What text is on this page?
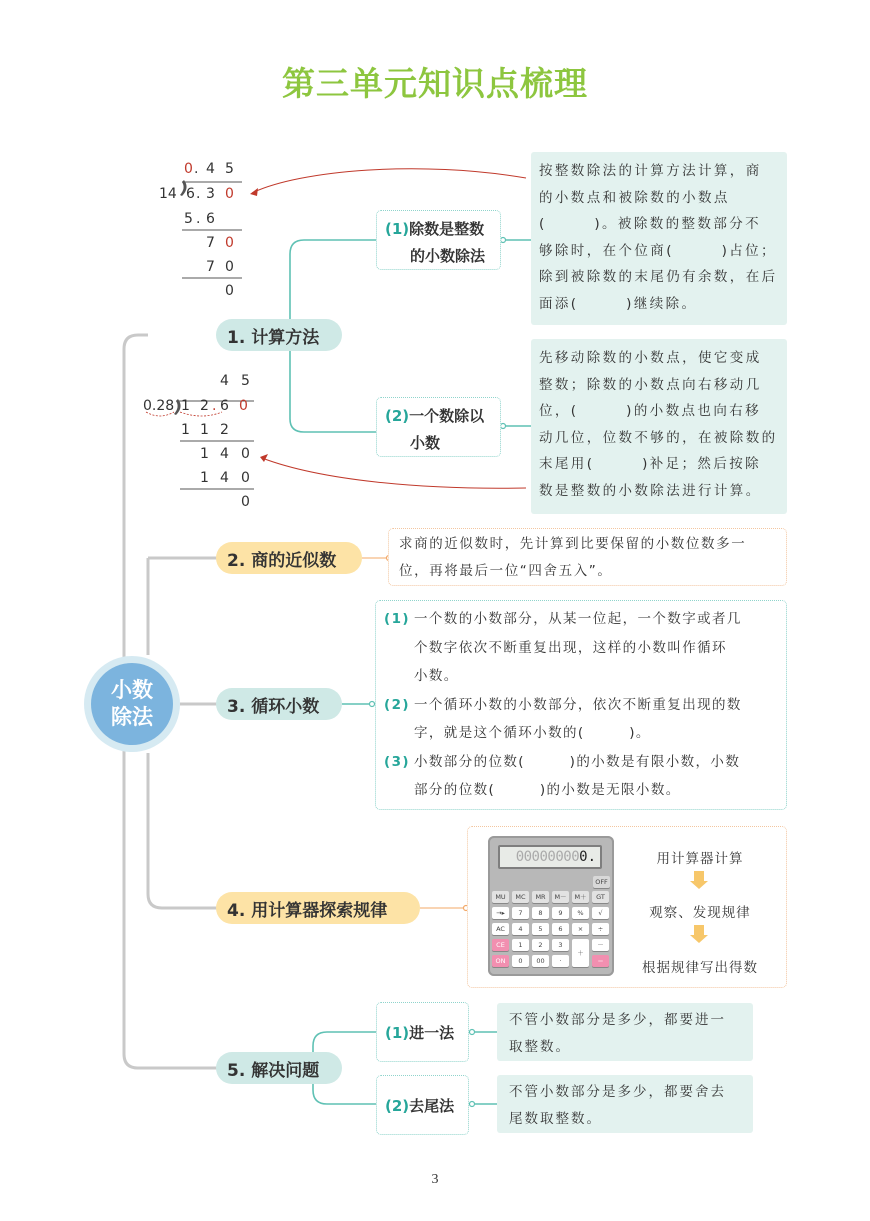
第三单元知识点梳理
0 . 4 5
14 6 . 3 0
5 . 6
7 0
7 0
0
4 5
0.28 1 2 . 6 0
1 1 2
1 4 0
1 4 0
0
小数
除法
1. 计算方法
2. 商的近似数
3. 循环小数
4. 用计算器探索规律
5. 解决问题
(1)除数是整数
的小数除法
(2)一个数除以
小数
按整数除法的计算方法计算，商
的小数点和被除数的小数点
(　　　)。被除数的整数部分不
够除时，在个位商(　　　)占位；
除到被除数的末尾仍有余数，在后
面添(　　　)继续除。
先移动除数的小数点，使它变成
整数；除数的小数点向右移动几
位，(　　　)的小数点也向右移
动几位，位数不够的，在被除数的
末尾用(　　　)补足；然后按除
数是整数的小数除法进行计算。
求商的近似数时，先计算到比要保留的小数位数多一
位，再将最后一位“四舍五入”。
(1) 一个数的小数部分，从某一位起，一个数字或者几
个数字依次不断重复出现，这样的小数叫作循环
小数。
(2) 一个循环小数的小数部分，依次不断重复出现的数
字，就是这个循环小数的(　　　)。
(3) 小数部分的位数(　　　)的小数是有限小数，小数
部分的位数(　　　)的小数是无限小数。
000000000.
OFF
MU	MC	MR	M－	M＋	GT
→▸	7	8	9	%	√
AC	4	5	6	×	÷
CE	1	2	3
＋
－
ON	0	00	·	＝
用计算器计算
观察、发现规律
根据规律写出得数
(1)进一法
(2)去尾法
不管小数部分是多少，都要进一
取整数。
不管小数部分是多少，都要舍去
尾数取整数。
3
